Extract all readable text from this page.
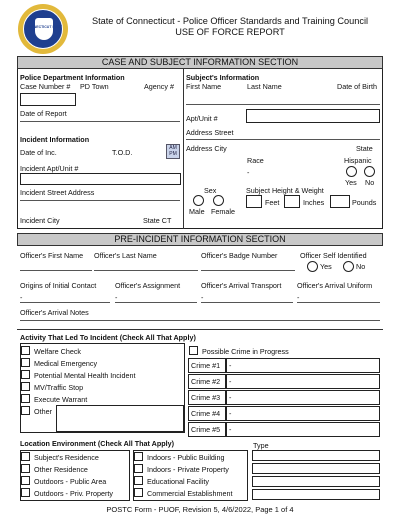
CONNECTICUT POST
State of Connecticut - Police Officer Standards and Training Council
USE OF FORCE REPORT
CASE AND SUBJECT INFORMATION SECTION
Police Department Information
Case Number # PD Town	Agency #
Date of Report
Incident Information
Date of Inc.	T.O.D.	AM
PM
Incident Apt/Unit #
Incident Street Address
Incident City	State CT
Subject's Information
First Name	Last Name	Date of Birth
Apt/Unit #
Address Street
Address City	State
Race
-
Hispanic
Yes No
Sex
Male Female
Subject Height & Weight
Feet	Inches	Pounds
PRE-INCIDENT INFORMATION SECTION
Officer's First Name Officer's Last Name	Officer's Badge Number	Officer Self Identified
Yes	No
Origins of Initial Contact	Officer's Assignment	Officer's Arrival Transport Officer's Arrival Uniform
-	-	-	-
Officer's Arrival Notes
Activity That Led To Incident (Check All That Apply)
Welfare Check
Medical Emergency
Potential Mental Health Incident
MV/Traffic Stop
Execute Warrant
Other
Possible Crime in Progress
Crime #1 -
Crime #2 -
Crime #3 -
Crime #4 -
Crime #5 -
Location Environment (Check All That Apply)	Type
Subject's Residence
Other Residence
Outdoors - Public Area
Outdoors - Priv. Property
Indoors - Public Building
Indoors - Private Property
Educational Facility
Commercial Establishment
POSTC Form - PUOF, Revision 5, 4/6/2022, Page 1 of 4
